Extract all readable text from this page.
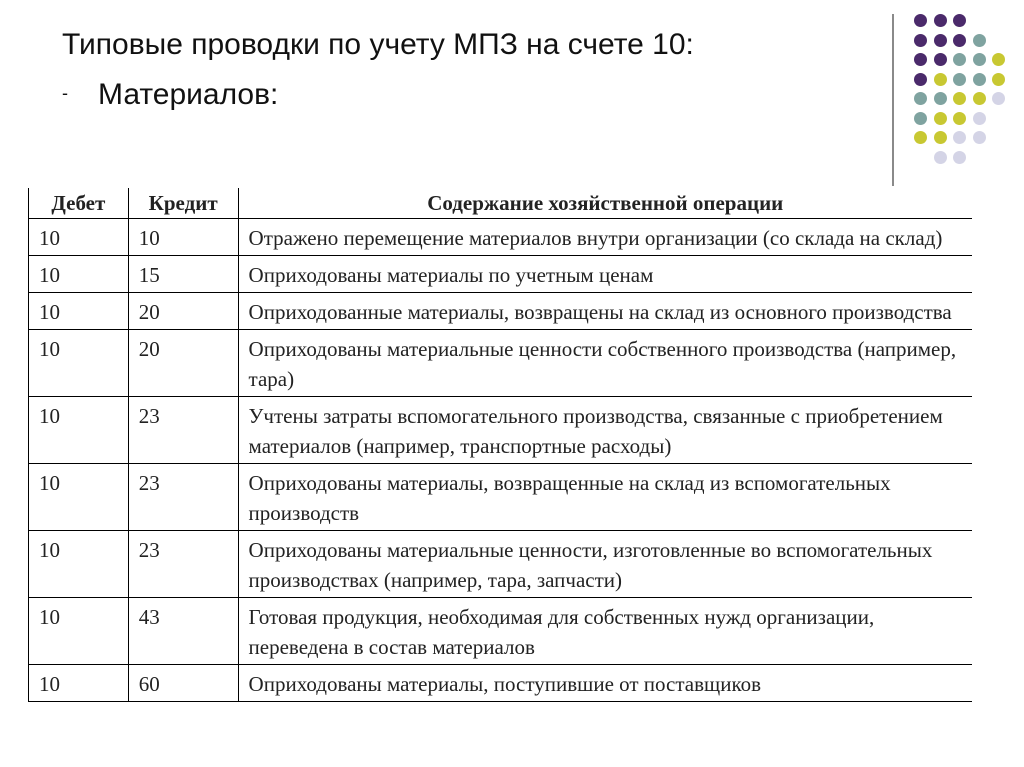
Типовые проводки по учету МПЗ на счете 10:
- Материалов:
Дебет	Кредит	Содержание хозяйственной операции
10	10	Отражено перемещение материалов внутри организации (со склада на склад)
10	15	Оприходованы материалы по учетным ценам
10	20	Оприходованные материалы, возвращены на склад из основного производства
10	20	Оприходованы материальные ценности собственного производства (например, тара)
10	23	Учтены затраты вспомогательного производства, связанные с приобретением материалов (например, транспортные расходы)
10	23	Оприходованы материалы, возвращенные на склад из вспомогательных производств
10	23	Оприходованы материальные ценности, изготовленные во вспомогательных производствах (например, тара, запчасти)
10	43	Готовая продукция, необходимая для собственных нужд организации, переведена в состав материалов
10	60	Оприходованы материалы, поступившие от поставщиков
